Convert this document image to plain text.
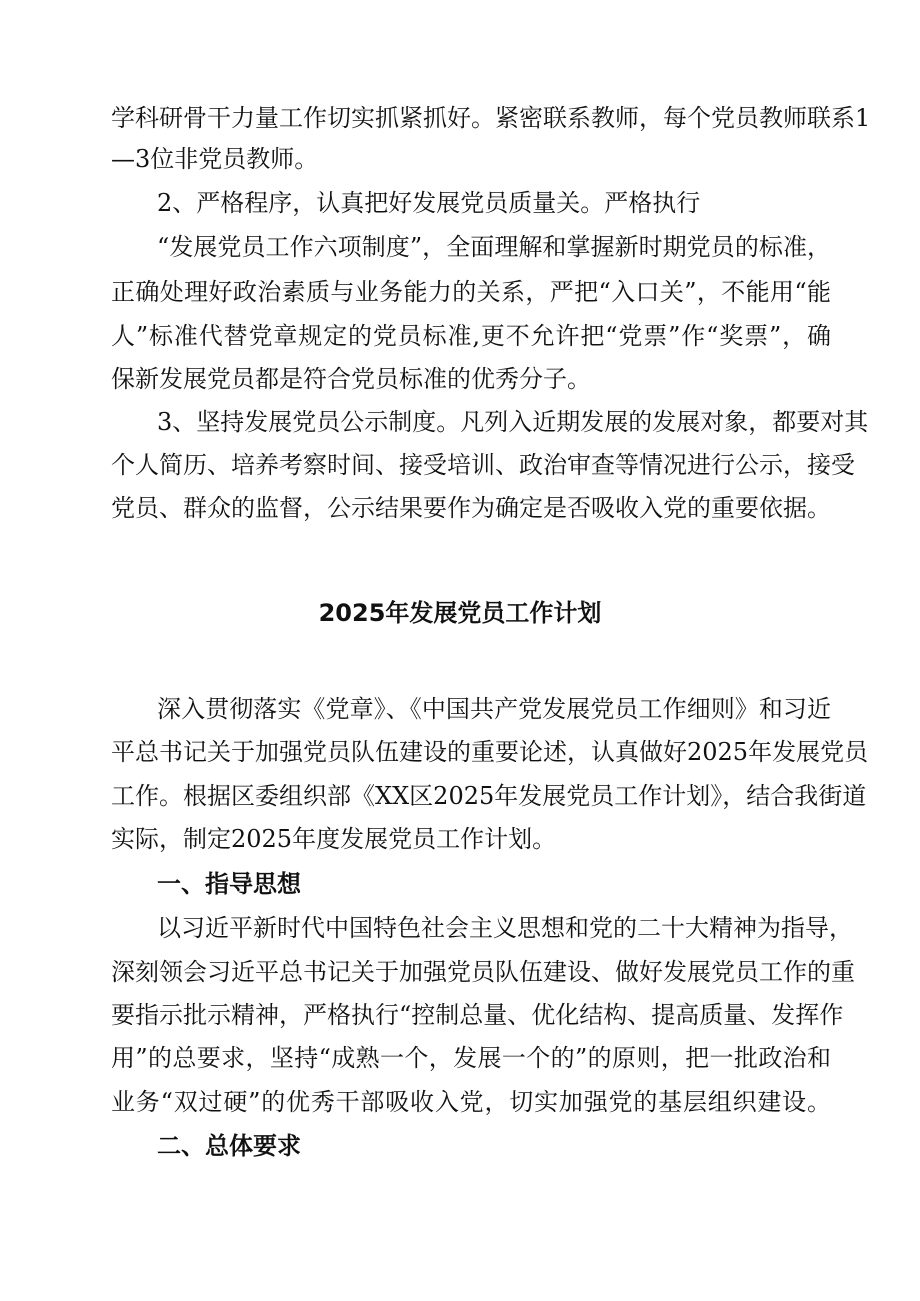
学科研骨干力量工作切实抓紧抓好。紧密联系教师，每个党员教师联系1
—3位非党员教师。
2、严格程序，认真把好发展党员质量关。严格执行
“发展党员工作六项制度”，全面理解和掌握新时期党员的标准，
正确处理好政治素质与业务能力的关系，严把“入口关”，不能用“能
人”标准代替党章规定的党员标准,更不允许把“党票”作“奖票”，确
保新发展党员都是符合党员标准的优秀分子。
3、坚持发展党员公示制度。凡列入近期发展的发展对象，都要对其
个人简历、培养考察时间、接受培训、政治审查等情况进行公示，接受
党员、群众的监督，公示结果要作为确定是否吸收入党的重要依据。
2025年发展党员工作计划
深入贯彻落实《党章》、《中国共产党发展党员工作细则》和习近
平总书记关于加强党员队伍建设的重要论述，认真做好2025年发展党员
工作。根据区委组织部《XX区2025年发展党员工作计划》，结合我街道
实际，制定2025年度发展党员工作计划。
一、指导思想
以习近平新时代中国特色社会主义思想和党的二十大精神为指导，
深刻领会习近平总书记关于加强党员队伍建设、做好发展党员工作的重
要指示批示精神，严格执行“控制总量、优化结构、提高质量、发挥作
用”的总要求，坚持“成熟一个，发展一个的”的原则，把一批政治和
业务“双过硬”的优秀干部吸收入党，切实加强党的基层组织建设。
二、总体要求
